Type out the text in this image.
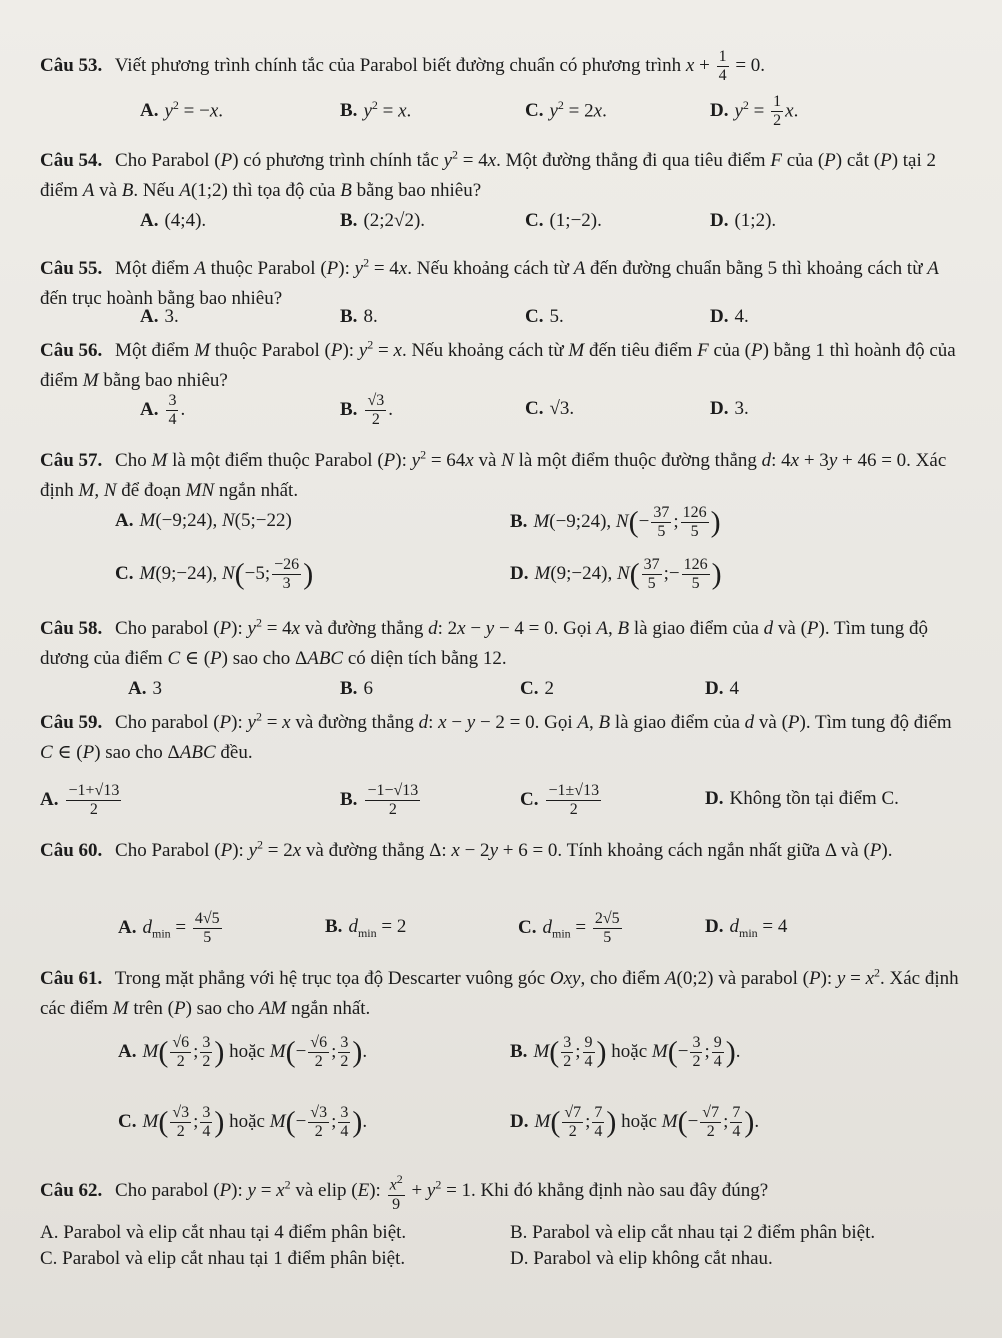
Câu 53. Viết phương trình chính tắc của Parabol biết đường chuẩn có phương trình $x + \frac{1}{4} = 0$.
A. $y^2 = -x$.	B. $y^2 = x$.	C. $y^2 = 2x$.	D. $y^2 = \frac{1}{2} x$.
Câu 54. Cho Parabol (P) có phương trình chính tắc $y^2 = 4x$. Một đường thẳng đi qua tiêu điểm F của (P) cắt (P) tại 2 điểm A và B. Nếu A(1;2) thì tọa độ của B bằng bao nhiêu?
A. (4;4).	B. (2;2√2).	C. (1;−2).	D. (1;2).
Câu 55. Một điểm A thuộc Parabol (P): $y^2 = 4x$. Nếu khoảng cách từ A đến đường chuẩn bằng 5 thì khoảng cách từ A đến trục hoành bằng bao nhiêu?
A. 3.	B. 8.	C. 5.	D. 4.
Câu 56. Một điểm M thuộc Parabol (P): $y^2 = x$. Nếu khoảng cách từ M đến tiêu điểm F của (P) bằng 1 thì hoành độ của điểm M bằng bao nhiêu?
A. $\frac{3}{4}$ .	B. $\frac{√3}{2}$ .	C. √3.	D. 3.
Câu 57. Cho M là một điểm thuộc Parabol (P): $y^2 = 64x$ và N là một điểm thuộc đường thẳng d: 4x + 3y + 46 = 0. Xác định M, N để đoạn MN ngắn nhất.
A. M(−9;24), N(5;−22)	B. M(−9;24), $N(- \frac{37}{5}$ ; $\frac{126}{5}$ )
C. M(9;−24), N(−5; $\frac{-26}{3}$ )	D. M(9;−24), $N( \frac{37}{5}$ ;− $\frac{126}{5}$ )
Câu 58. Cho parabol (P): $y^2 = 4x$ và đường thẳng d: 2x − y − 4 = 0. Gọi A, B là giao điểm của d và (P). Tìm tung độ dương của điểm C ∈ (P) sao cho ΔABC có diện tích bằng 12.
A. 3	B. 6	C. 2	D. 4
Câu 59. Cho parabol (P): $y^2 = x$ và đường thẳng d: x − y − 2 = 0. Gọi A, B là giao điểm của d và (P). Tìm tung độ điểm C ∈ (P) sao cho ΔABC đều.
A. $\frac{-1+√13}{2}$	B. $\frac{-1-√13}{2}$	C. $\frac{-1\pm√13}{2}$	D. Không tồn tại điểm C.
Câu 60. Cho Parabol (P): $y^2 = 2x$ và đường thẳng Δ: x − 2y + 6 = 0. Tính khoảng cách ngắn nhất giữa Δ và (P).
A. $d_{min} = \frac{4√5}{5}$	B. $d_{min} = 2$	C. $d_{min} = \frac{2√5}{5}$	D. $d_{min} = 4$
Câu 61. Trong mặt phẳng với hệ trục tọa độ Descarter vuông góc Oxy, cho điểm A(0;2) và parabol (P): $y = x^2$. Xác định các điểm M trên (P) sao cho AM ngắn nhất.
A. $M( \frac{√6}{2}$ ; $\frac{3}{2}$ ) hoặc $M(- \frac{√6}{2}$ ; $\frac{3}{2}$ ).	B. $M( \frac{3}{2}$ ; $\frac{9}{4}$ ) hoặc $M(- \frac{3}{2}$ ; $\frac{9}{4}$ ).
C. $M( \frac{√3}{2}$ ; $\frac{3}{4}$ ) hoặc $M(- \frac{√3}{2}$ ; $\frac{3}{4}$ ).	D. $M( \frac{√7}{2}$ ; $\frac{7}{4}$ ) hoặc $M(- \frac{√7}{2}$ ; $\frac{7}{4}$ ).
Câu 62. Cho parabol (P): $y = x^2$ và elip (E): $\frac{x^2}{9} + y^2 = 1$. Khi đó khẳng định nào sau đây đúng?
A. Parabol và elip cắt nhau tại 4 điểm phân biệt.	B. Parabol và elip cắt nhau tại 2 điểm phân biệt.
C. Parabol và elip cắt nhau tại 1 điểm phân biệt.	D. Parabol và elip không cắt nhau.
